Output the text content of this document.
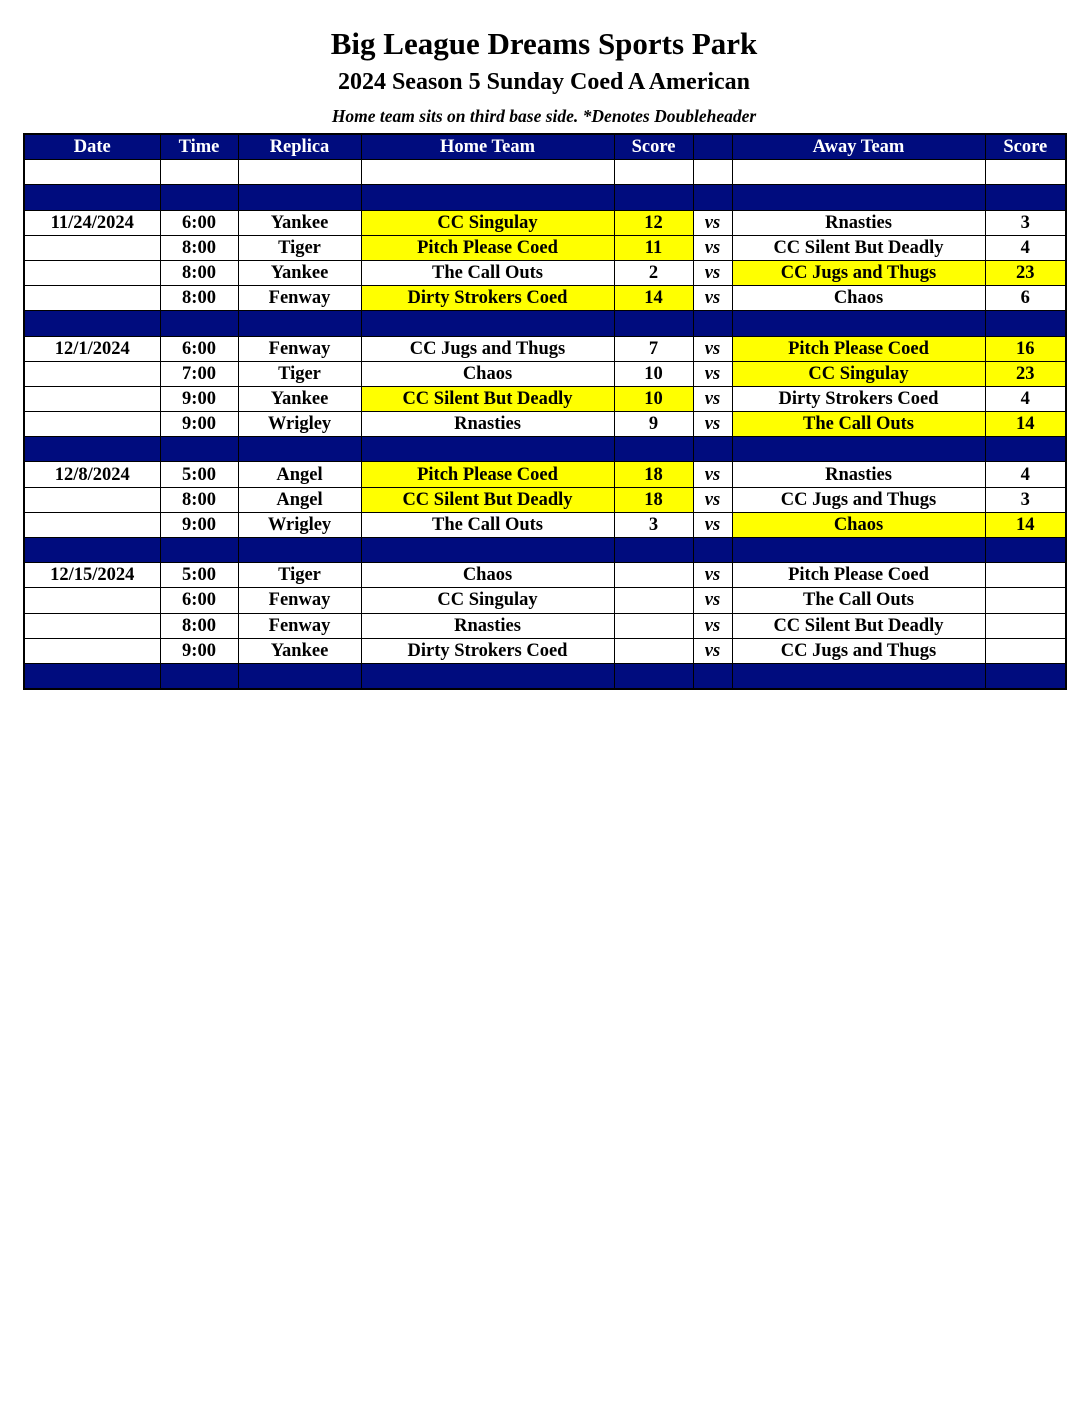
Big League Dreams Sports Park
2024 Season 5 Sunday Coed A American
Home team sits on third base side. *Denotes Doubleheader
Date	Time	Replica	Home Team	Score		Away Team	Score

11/24/2024	6:00	Yankee	CC Singulay	12	vs	Rnasties	3
	8:00	Tiger	Pitch Please Coed	11	vs	CC Silent But Deadly	4
	8:00	Yankee	The Call Outs	2	vs	CC Jugs and Thugs	23
	8:00	Fenway	Dirty Strokers Coed	14	vs	Chaos	6

12/1/2024	6:00	Fenway	CC Jugs and Thugs	7	vs	Pitch Please Coed	16
	7:00	Tiger	Chaos	10	vs	CC Singulay	23
	9:00	Yankee	CC Silent But Deadly	10	vs	Dirty Strokers Coed	4
	9:00	Wrigley	Rnasties	9	vs	The Call Outs	14

12/8/2024	5:00	Angel	Pitch Please Coed	18	vs	Rnasties	4
	8:00	Angel	CC Silent But Deadly	18	vs	CC Jugs and Thugs	3
	9:00	Wrigley	The Call Outs	3	vs	Chaos	14

12/15/2024	5:00	Tiger	Chaos		vs	Pitch Please Coed	
	6:00	Fenway	CC Singulay		vs	The Call Outs	
	8:00	Fenway	Rnasties		vs	CC Silent But Deadly	
	9:00	Yankee	Dirty Strokers Coed		vs	CC Jugs and Thugs	
